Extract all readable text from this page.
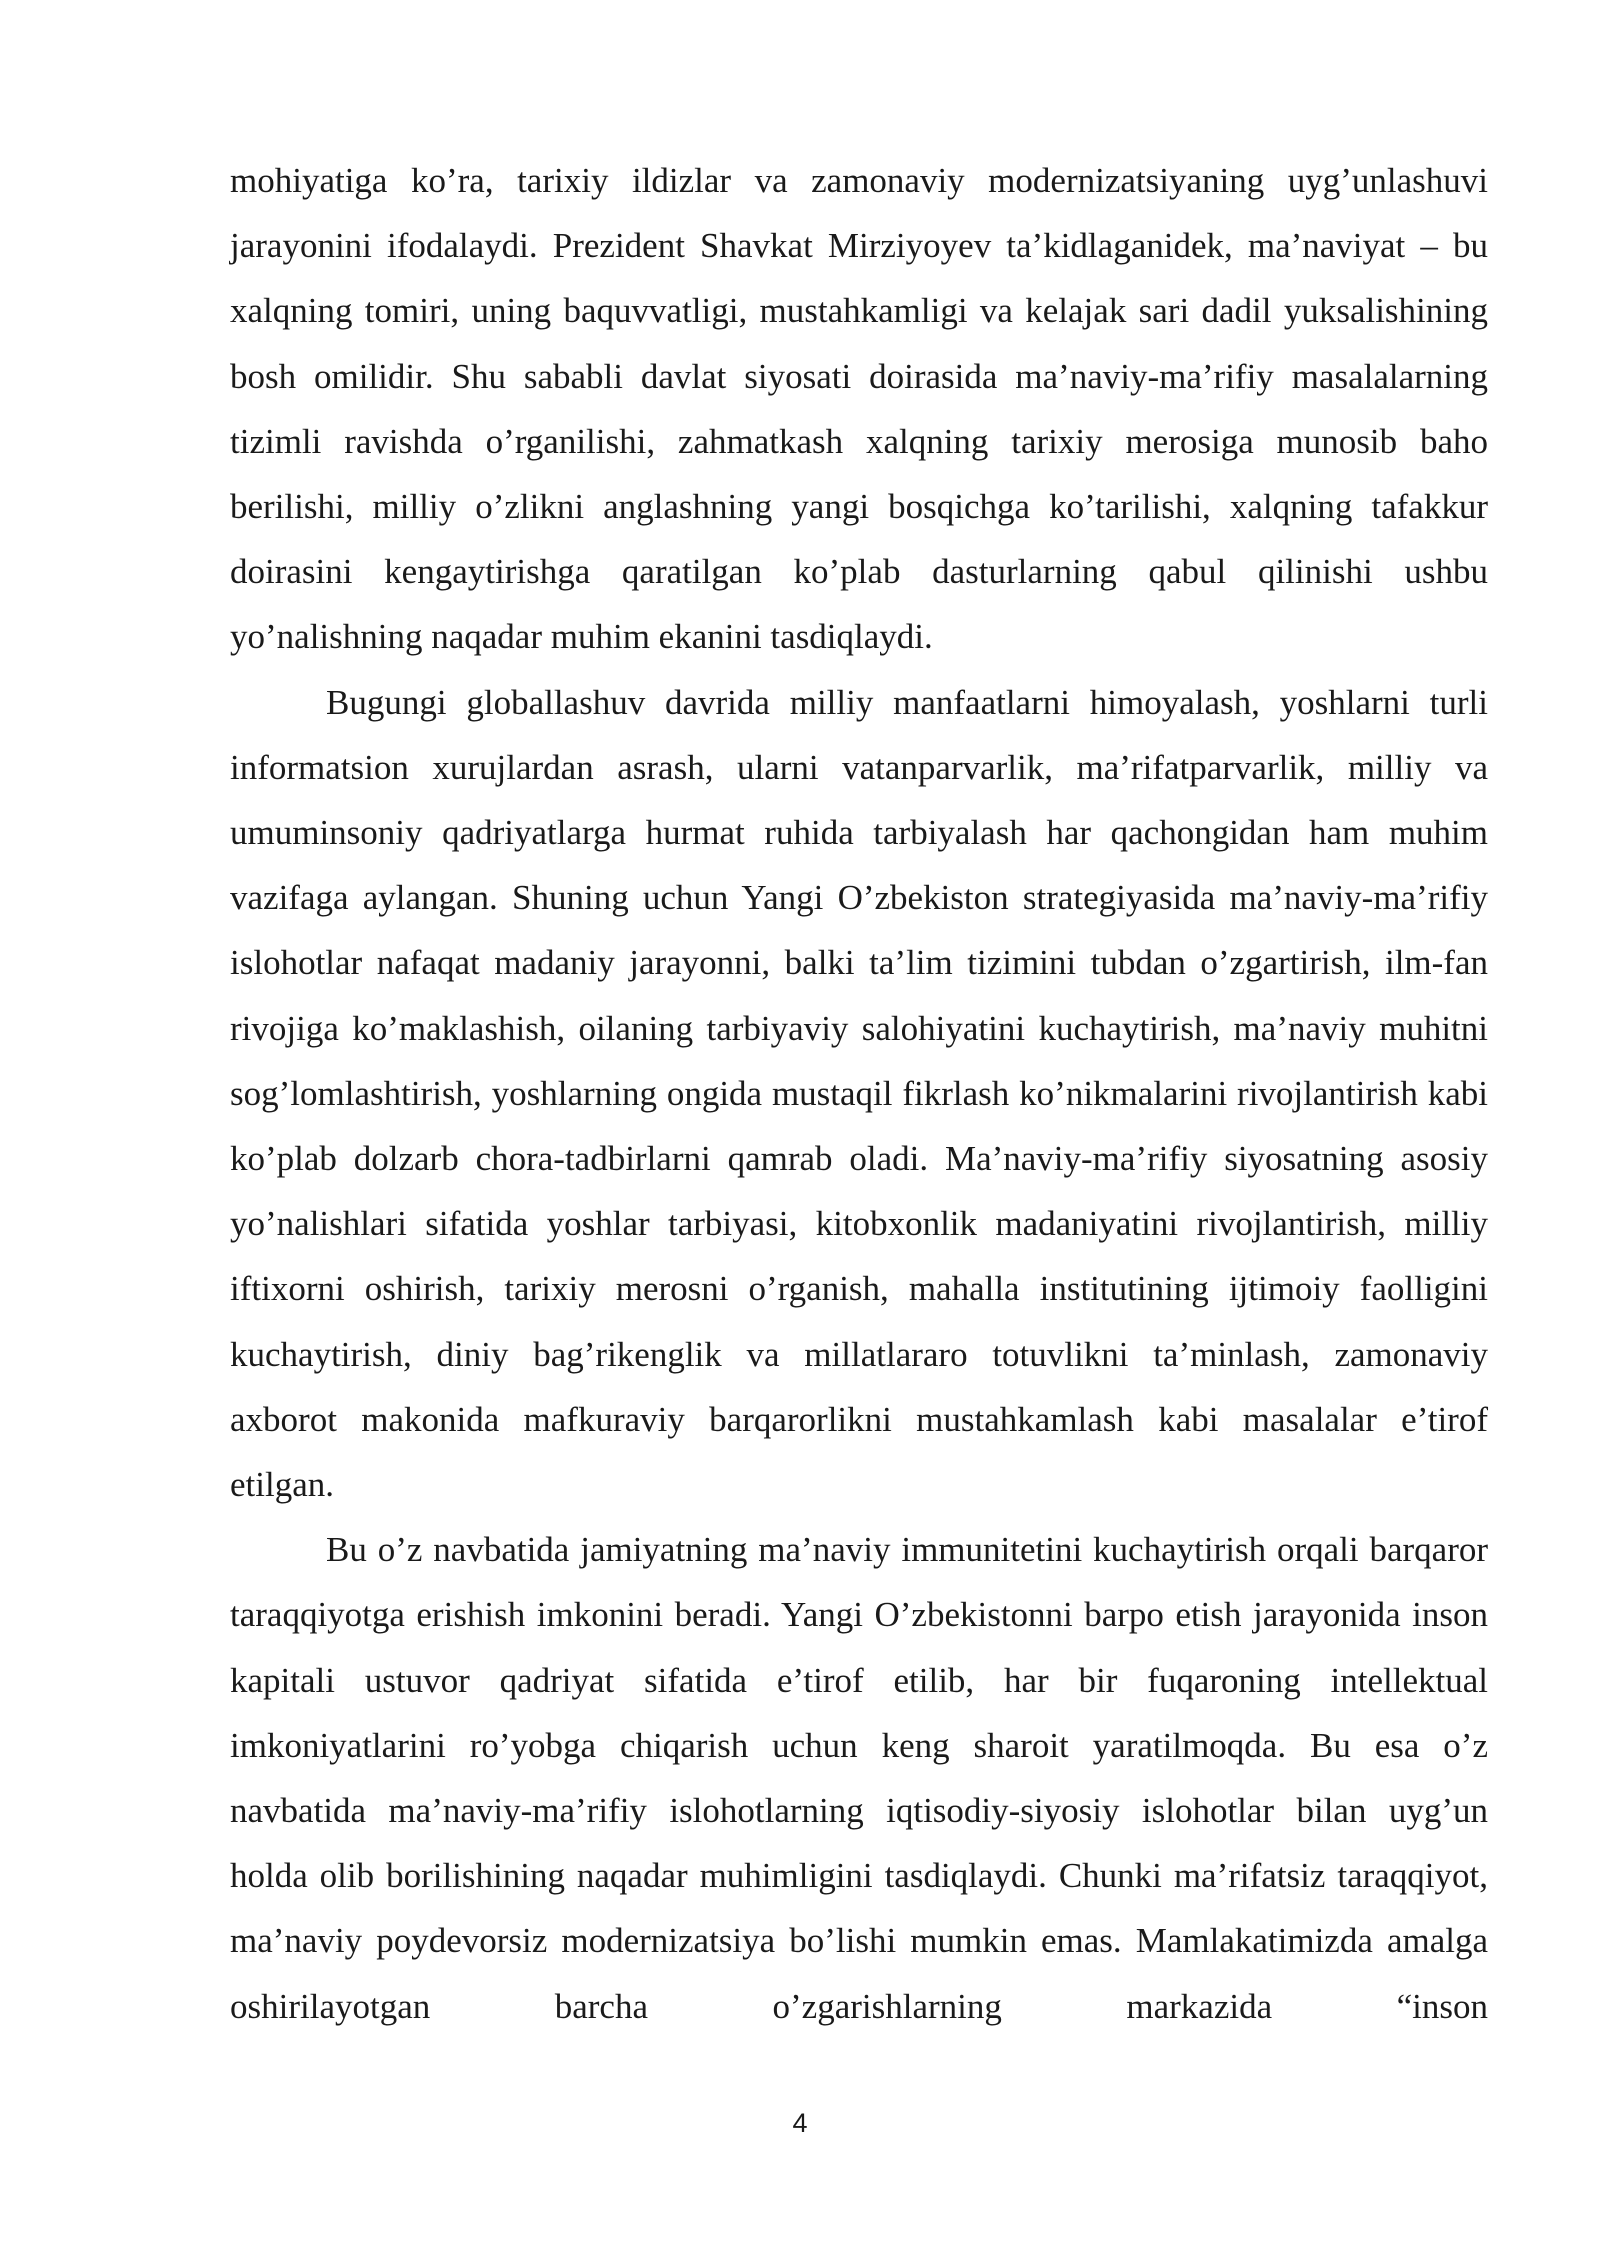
mohiyatiga ko’ra, tarixiy ildizlar va zamonaviy modernizatsiyaning uyg’unlashuvi jarayonini ifodalaydi. Prezident Shavkat Mirziyoyev ta’kidlaganidek, ma’naviyat – bu xalqning tomiri, uning baquvvatligi, mustahkamligi va kelajak sari dadil yuksalishining bosh omilidir. Shu sababli davlat siyosati doirasida ma’naviy-ma’rifiy masalalarning tizimli ravishda o’rganilishi, zahmatkash xalqning tarixiy merosiga munosib baho berilishi, milliy o’zlikni anglashning yangi bosqichga ko’tarilishi, xalqning tafakkur doirasini kengaytirishga qaratilgan ko’plab dasturlarning qabul qilinishi ushbu yo’nalishning naqadar muhim ekanini tasdiqlaydi.

Bugungi globallashuv davrida milliy manfaatlarni himoyalash, yoshlarni turli informatsion xurujlardan asrash, ularni vatanparvarlik, ma’rifatparvarlik, milliy va umuminsoniy qadriyatlarga hurmat ruhida tarbiyalash har qachongidan ham muhim vazifaga aylangan. Shuning uchun Yangi O’zbekiston strategiyasida ma’naviy-ma’rifiy islohotlar nafaqat madaniy jarayonni, balki ta’lim tizimini tubdan o’zgartirish, ilm-fan rivojiga ko’maklashish, oilaning tarbiyaviy salohiyatini kuchaytirish, ma’naviy muhitni sog’lomlashtirish, yoshlarning ongida mustaqil fikrlash ko’nikmalarini rivojlantirish kabi ko’plab dolzarb chora-tadbirlarni qamrab oladi. Ma’naviy-ma’rifiy siyosatning asosiy yo’nalishlari sifatida yoshlar tarbiyasi, kitobxonlik madaniyatini rivojlantirish, milliy iftixorni oshirish, tarixiy merosni o’rganish, mahalla institutining ijtimoiy faolligini kuchaytirish, diniy bag’rikenglik va millatlararo totuvlikni ta’minlash, zamonaviy axborot makonida mafkuraviy barqarorlikni mustahkamlash kabi masalalar e’tirof etilgan.

Bu o’z navbatida jamiyatning ma’naviy immunitetini kuchaytirish orqali barqaror taraqqiyotga erishish imkonini beradi. Yangi O’zbekistonni barpo etish jarayonida inson kapitali ustuvor qadriyat sifatida e’tirof etilib, har bir fuqaroning intellektual imkoniyatlarini ro’yobga chiqarish uchun keng sharoit yaratilmoqda. Bu esa o’z navbatida ma’naviy-ma’rifiy islohotlarning iqtisodiy-siyosiy islohotlar bilan uyg’un holda olib borilishining naqadar muhimligini tasdiqlaydi. Chunki ma’rifatsiz taraqqiyot, ma’naviy poydevorsiz modernizatsiya bo’lishi mumkin emas. Mamlakatimizda amalga oshirilayotgan barcha o’zgarishlarning markazida “inson

4
